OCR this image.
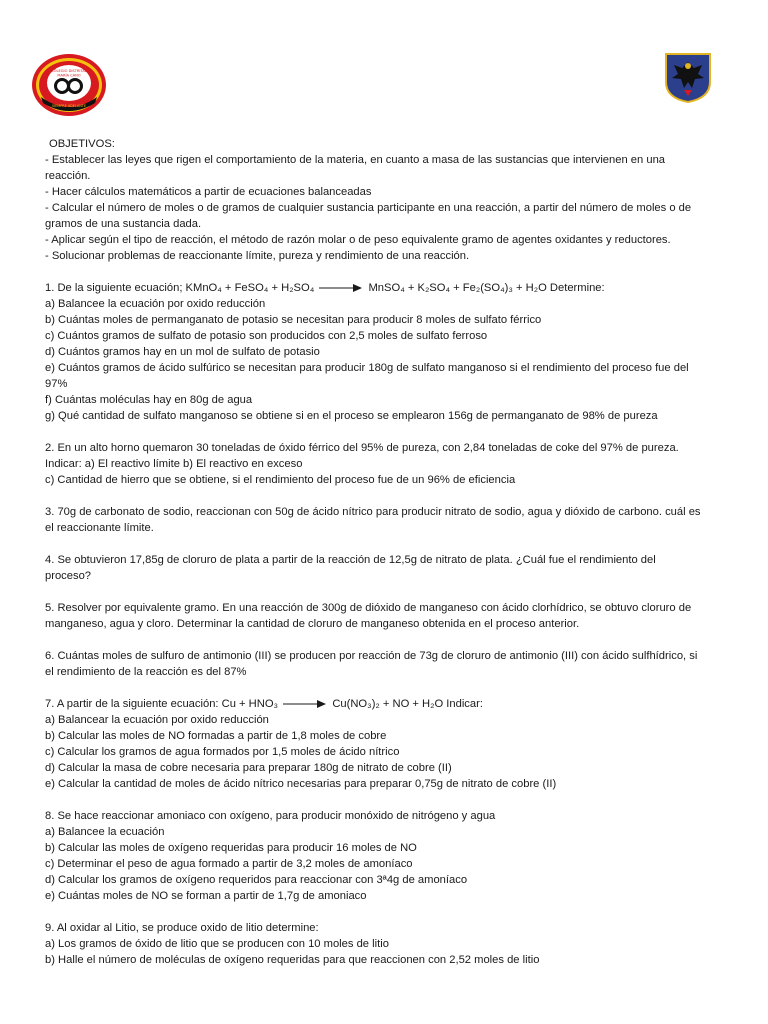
COLEGIO DISTRITAL
MARÍA CANO
SIEMPRE ADELANTE
OBJETIVOS:
- Establecer las leyes que rigen el comportamiento de la materia, en cuanto a masa de las sustancias que intervienen en una
reacción.
- Hacer cálculos matemáticos a partir de ecuaciones balanceadas
- Calcular el número de moles o de gramos de cualquier sustancia participante en una reacción, a partir del número de moles o de
gramos de una sustancia dada.
- Aplicar según el tipo de reacción, el método de razón molar o de peso equivalente gramo de agentes oxidantes y reductores.
- Solucionar problemas de reaccionante límite, pureza y rendimiento de una reacción.
1. De la siguiente ecuación; KMnO₄ + FeSO₄ + H₂SO₄ → MnSO₄ + K₂SO₄ + Fe₂(SO₄)₃ + H₂O Determine:
a) Balancee la ecuación por oxido reducción
b) Cuántas moles de permanganato de potasio se necesitan para producir 8 moles de sulfato férrico
c) Cuántos gramos de sulfato de potasio son producidos con 2,5 moles de sulfato ferroso
d) Cuántos gramos hay en un mol de sulfato de potasio
e) Cuántos gramos de ácido sulfúrico se necesitan para producir 180g de sulfato manganoso si el rendimiento del proceso fue del
97%
f) Cuántas moléculas hay en 80g de agua
g) Qué cantidad de sulfato manganoso se obtiene si en el proceso se emplearon 156g de permanganato de 98% de pureza
2. En un alto horno quemaron 30 toneladas de óxido férrico del 95% de pureza, con 2,84 toneladas de coke del 97% de pureza.
Indicar: a) El reactivo límite b) El reactivo en exceso
c) Cantidad de hierro que se obtiene, si el rendimiento del proceso fue de un 96% de eficiencia
3. 70g de carbonato de sodio, reaccionan con 50g de ácido nítrico para producir nitrato de sodio, agua y dióxido de carbono. cuál es
el reaccionante límite.
4. Se obtuvieron 17,85g de cloruro de plata a partir de la reacción de 12,5g de nitrato de plata. ¿Cuál fue el rendimiento del
proceso?
5. Resolver por equivalente gramo. En una reacción de 300g de dióxido de manganeso con ácido clorhídrico, se obtuvo cloruro de
manganeso, agua y cloro. Determinar la cantidad de cloruro de manganeso obtenida en el proceso anterior.
6. Cuántas moles de sulfuro de antimonio (III) se producen por reacción de 73g de cloruro de antimonio (III) con ácido sulfhídrico, si
el rendimiento de la reacción es del 87%
7. A partir de la siguiente ecuación: Cu + HNO₃ → Cu(NO₃)₂ + NO + H₂O Indicar:
a) Balancear la ecuación por oxido reducción
b) Calcular las moles de NO formadas a partir de 1,8 moles de cobre
c) Calcular los gramos de agua formados por 1,5 moles de ácido nítrico
d) Calcular la masa de cobre necesaria para preparar 180g de nitrato de cobre (II)
e) Calcular la cantidad de moles de ácido nítrico necesarias para preparar 0,75g de nitrato de cobre (II)
8. Se hace reaccionar amoniaco con oxígeno, para producir monóxido de nitrógeno y agua
a) Balancee la ecuación
b) Calcular las moles de oxígeno requeridas para producir 16 moles de NO
c) Determinar el peso de agua formado a partir de 3,2 moles de amoníaco
d) Calcular los gramos de oxígeno requeridos para reaccionar con 3ª4g de amoníaco
e) Cuántas moles de NO se forman a partir de 1,7g de amoniaco
9. Al oxidar al Litio, se produce oxido de litio determine:
a) Los gramos de óxido de litio que se producen con 10 moles de litio
b) Halle el número de moléculas de oxígeno requeridas para que reaccionen con 2,52 moles de litio
